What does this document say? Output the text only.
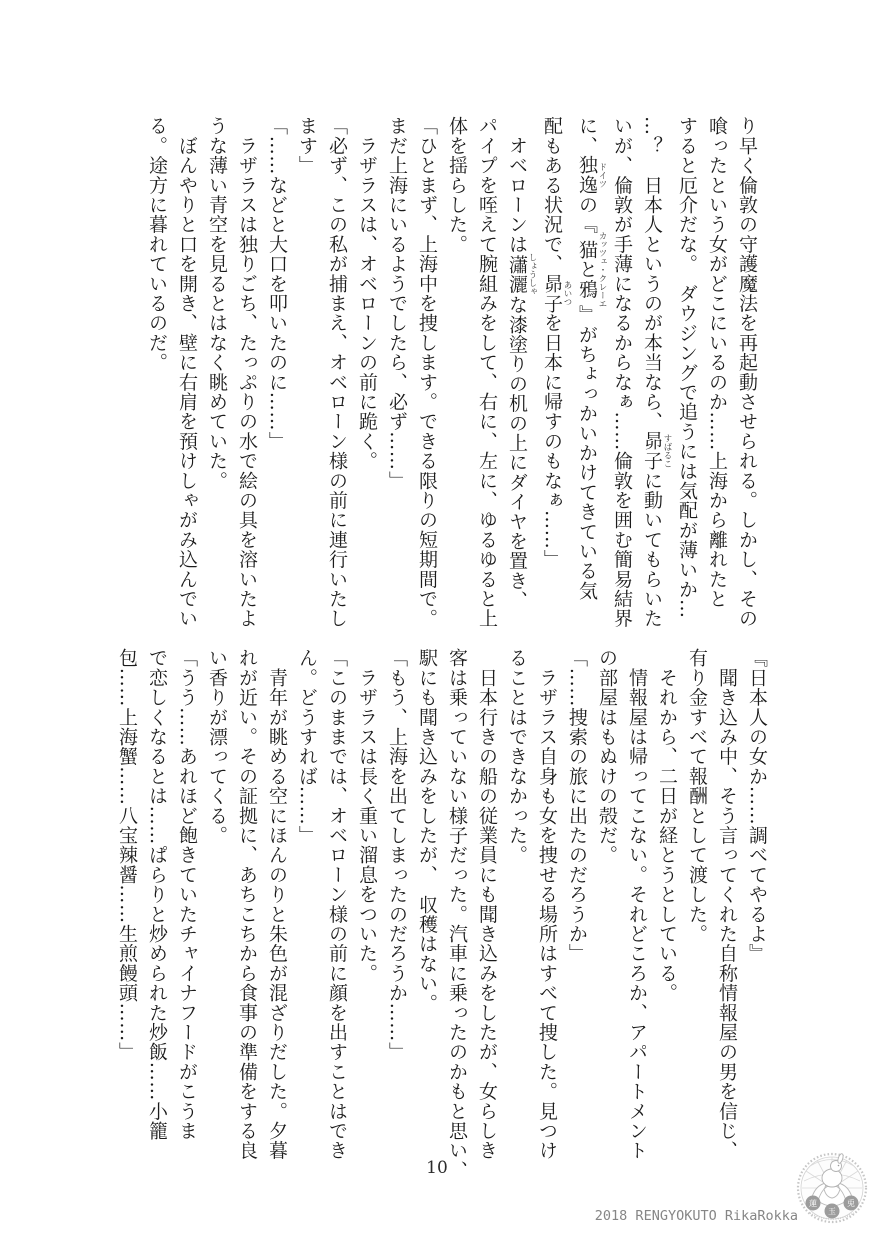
り早く倫敦の守護魔法を再起動させられる。しかし、その
喰ったという女がどこにいるのか……上海から離れたと
すると厄介だな。　ダウジングで追うには気配が薄いか…
…？　日本人というのが本当なら、昴子 すばるこに動いてもらいた
いが、倫敦が手薄になるからなぁ……倫敦を囲む簡易結界
に、独逸 ドイツの『猫と鴉 カッツェ・クレーエ』がちょっかいかけてきている気
配もある状況で、昴子 あいつを日本に帰すのもなぁ……」
　オベローンは瀟灑 しょうしゃな漆塗りの机の上にダイヤを置き、
パイプを咥えて腕組みをして、右に、左に、ゆるゆると上
体を揺らした。
「ひとまず、上海中を捜します。できる限りの短期間で。
まだ上海にいるようでしたら、必ず……」
　ラザラスは、オベローンの前に跪く。
「必ず、この私が捕まえ、オベローン様の前に連行いたし
ます」
「……などと大口を叩いたのに……」
　ラザラスは独りごち、たっぷりの水で絵の具を溶いたよ
うな薄い青空を見るとはなく眺めていた。
　ぼんやりと口を開き、壁に右肩を預けしゃがみ込んでい
る。途方に暮れているのだ。
『日本人の女か……調べてやるよ』
　聞き込み中、そう言ってくれた自称情報屋の男を信じ、
有り金すべて報酬として渡した。
　それから、二日が経とうとしている。
　情報屋は帰ってこない。それどころか、アパートメント
の部屋はもぬけの殻だ。
「……捜索の旅に出たのだろうか」
　ラザラス自身も女を捜せる場所はすべて捜した。見つけ
ることはできなかった。
　日本行きの船の従業員にも聞き込みをしたが、女らしき
客は乗っていない様子だった。汽車に乗ったのかもと思い、
駅にも聞き込みをしたが、　収穫はない。
「もう、上海を出てしまったのだろうか……」
　ラザラスは長く重い溜息をついた。
「このままでは、オベローン様の前に顔を出すことはでき
ん。どうすれば……」
　青年が眺める空にほんのりと朱色が混ざりだした。夕暮
れが近い。その証拠に、あちこちから食事の準備をする良
い香りが漂ってくる。
「うう……あれほど飽きていたチャイナフードがこうま
で恋しくなるとは……ぱらりと炒められた炒飯……小籠
包……上海蟹……八宝辣醤……生煎饅頭……」
10
2018 RENGYOKUTO RikaRokka
蓮
玉
兎
